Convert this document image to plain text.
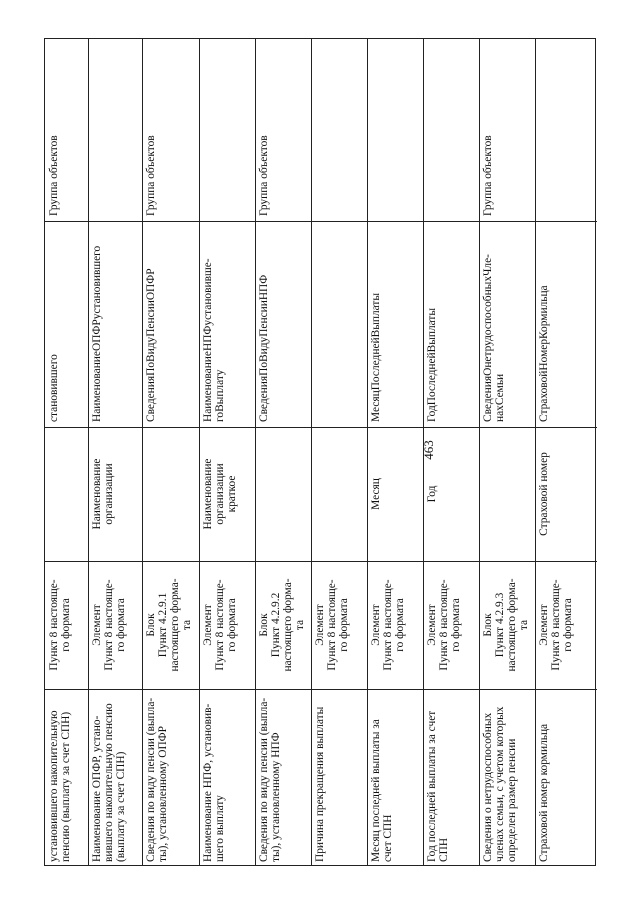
463
установившего накопительную пенсию (выплату за счет СПН)
Пункт 8 настояще-
го формата
становившего
Группа объектов
Наименование ОПФР, устано-
вившего накопительную пенсию
(выплату за счет СПН)
Элемент
Пункт 8 настояще-
го формата
Наименование организации
НаименованиеОПФРустановившего
Сведения по виду пенсии (выпла-
ты), установленному ОПФР
Блок
Пункт 4.2.9.1
настоящего форма-
та
СведенияПоВидуПенсииОПФР
Группа объектов
Наименование НПФ, установив-
шего выплату
Элемент
Пункт 8 настояще-
го формата
Наименование организации
краткое
НаименованиеНПФустановивше-
гоВыплату
Сведения по виду пенсии (выпла-
ты), установленному НПФ
Блок
Пункт 4.2.9.2
настоящего форма-
та
СведенияПоВидуПенсииНПФ
Группа объектов
Причина прекращения выплаты
Элемент
Пункт 8 настояще-
го формата
Месяц последней выплаты за
счет СПН
Элемент
Пункт 8 настояще-
го формата
Месяц
МесяцПоследнейВыплаты
Год последней выплаты за счет
СПН
Элемент
Пункт 8 настояще-
го формата
Год
ГодПоследнейВыплаты
Сведения о нетрудоспособных
членах семьи, с учетом которых
определен размер пенсии
Блок
Пункт 4.2.9.3
настоящего форма-
та
СведенияОнетрудоспособныхЧле-
нахСемьи
Группа объектов
Страховой номер кормильца
Элемент
Пункт 8 настояще-
го формата
Страховой номер
СтраховойНомерКормильца
